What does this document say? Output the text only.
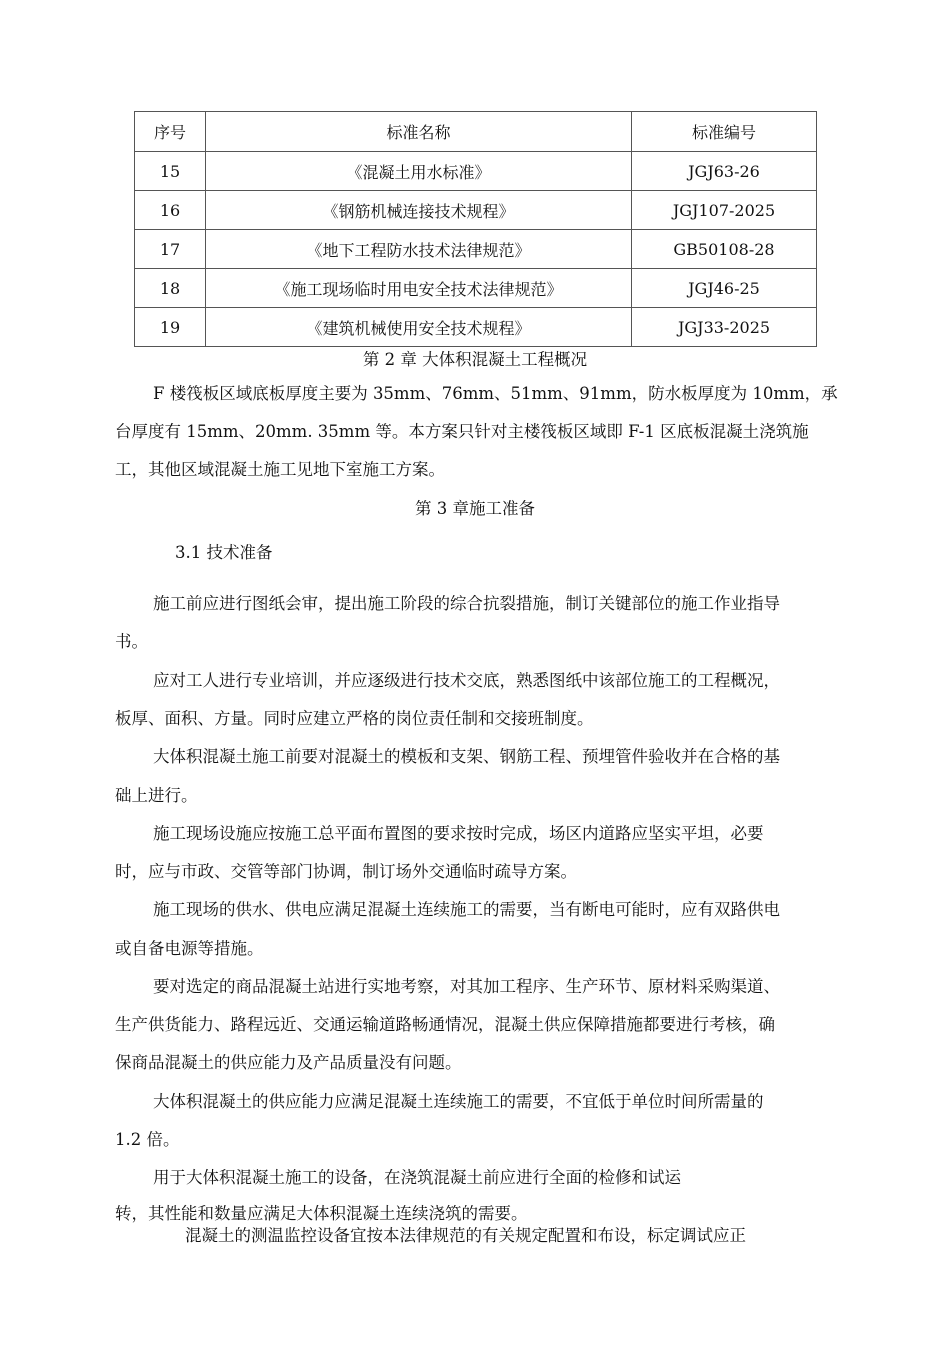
序号	标准名称	标准编号
15	《混凝土用水标准》	JGJ63-26
16	《钢筋机械连接技术规程》	JGJ107-2025
17	《地下工程防水技术法律规范》	GB50108-28
18	《施工现场临时用电安全技术法律规范》	JGJ46-25
19	《建筑机械使用安全技术规程》	JGJ33-2025
第 2 章 大体积混凝土工程概况
F 楼筏板区域底板厚度主要为 35mm、76mm、51mm、91mm，防水板厚度为 10mm，承
台厚度有 15mm、20mm. 35mm 等。本方案只针对主楼筏板区域即 F-1 区底板混凝土浇筑施
工，其他区域混凝土施工见地下室施工方案。
第 3 章施工准备
3.1 技术准备
施工前应进行图纸会审，提出施工阶段的综合抗裂措施，制订关键部位的施工作业指导
书。
应对工人进行专业培训，并应逐级进行技术交底，熟悉图纸中该部位施工的工程概况，
板厚、面积、方量。同时应建立严格的岗位责任制和交接班制度。
大体积混凝土施工前要对混凝土的模板和支架、钢筋工程、预埋管件验收并在合格的基
础上进行。
施工现场设施应按施工总平面布置图的要求按时完成，场区内道路应坚实平坦，必要
时，应与市政、交管等部门协调，制订场外交通临时疏导方案。
施工现场的供水、供电应满足混凝土连续施工的需要，当有断电可能时，应有双路供电
或自备电源等措施。
要对选定的商品混凝土站进行实地考察，对其加工程序、生产环节、原材料采购渠道、
生产供货能力、路程远近、交通运输道路畅通情况，混凝土供应保障措施都要进行考核，确
保商品混凝土的供应能力及产品质量没有问题。
大体积混凝土的供应能力应满足混凝土连续施工的需要，不宜低于单位时间所需量的
1.2 倍。
用于大体积混凝土施工的设备，在浇筑混凝土前应进行全面的检修和试运
转，其性能和数量应满足大体积混凝土连续浇筑的需要。
混凝土的测温监控设备宜按本法律规范的有关规定配置和布设，标定调试应正
